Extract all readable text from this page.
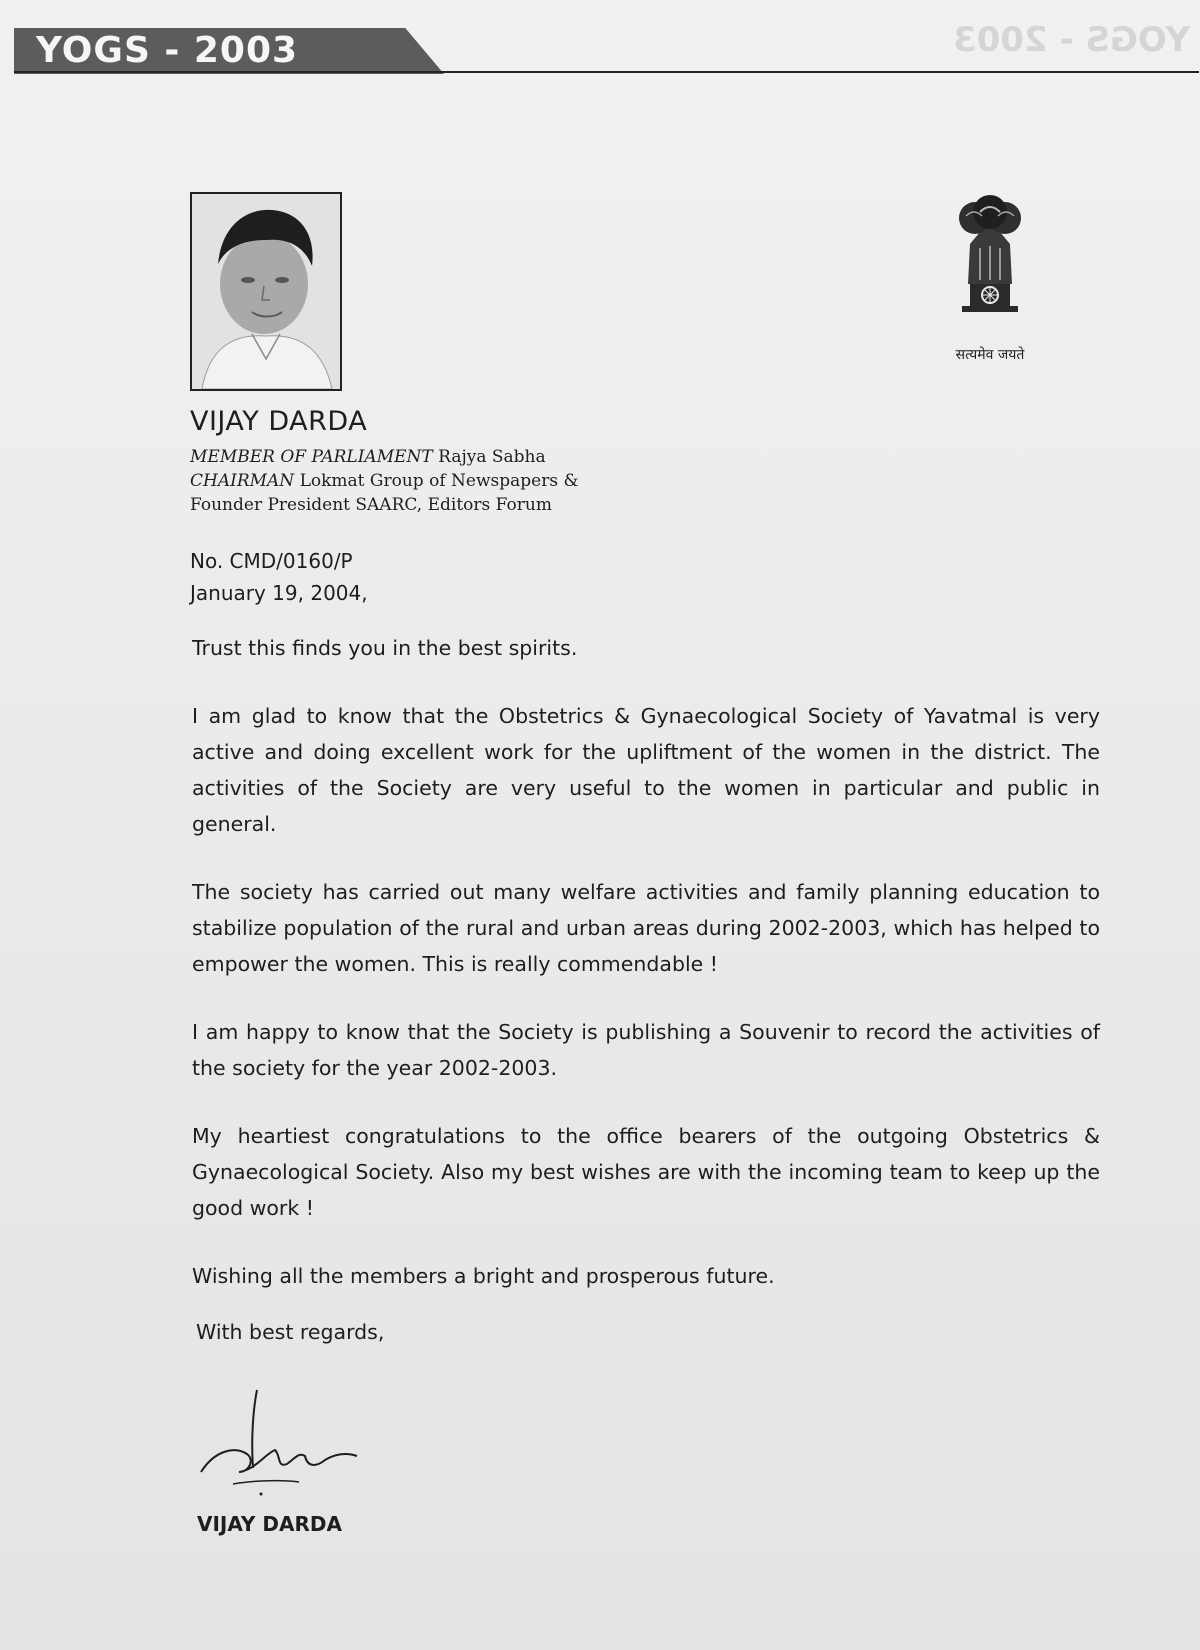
YOGS - 2003
YOGS - 2003
सत्यमेव जयते
VIJAY DARDA
MEMBER OF PARLIAMENT Rajya Sabha
CHAIRMAN Lokmat Group of Newspapers &
Founder President SAARC, Editors Forum
No. CMD/0160/P
January 19, 2004,

Trust this finds you in the best spirits.

I am glad to know that the Obstetrics & Gynaecological Society of Yavatmal is very active and doing excellent work for the upliftment of the women in the district. The activities of the Society are very useful to the women in particular and public in general.

The society has carried out many welfare activities and family planning education to stabilize population of the rural and urban areas during 2002-2003, which has helped to empower the women. This is really commendable !

I am happy to know that the Society is publishing a Souvenir to record the activities of the society for the year 2002-2003.

My heartiest congratulations to the office bearers of the outgoing Obstetrics & Gynaecological Society. Also my best wishes are with the incoming team to keep up the good work !

Wishing all the members a bright and prosperous future.

With best regards,
VIJAY DARDA
